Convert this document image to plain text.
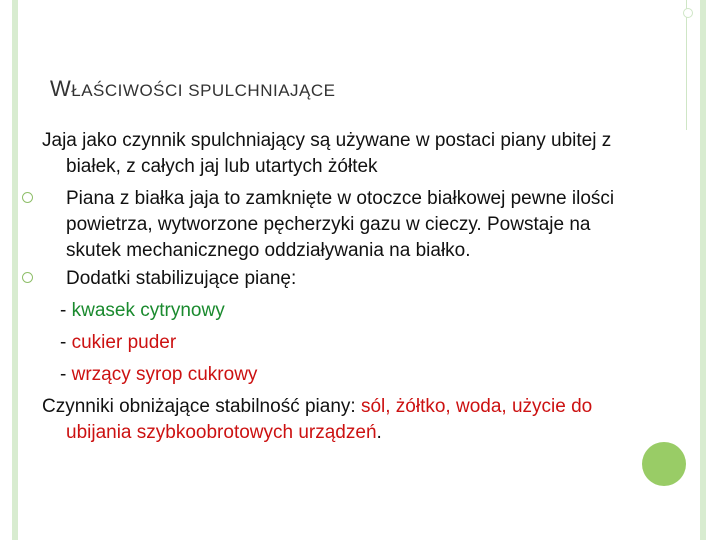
WŁAŚCIWOŚCI SPULCHNIAJĄCE

Jaja jako czynnik spulchniający są używane w postaci piany ubitej z białek, z całych jaj lub utartych żółtek

Piana z białka jaja to zamknięte w otoczce białkowej pewne ilości powietrza, wytworzone pęcherzyki gazu w cieczy. Powstaje na skutek mechanicznego oddziaływania na białko.

Dodatki stabilizujące pianę:

- kwasek cytrynowy

- cukier puder

- wrzący syrop cukrowy

Czynniki obniżające stabilność piany: sól, żółtko, woda, użycie do ubijania szybkoobrotowych urządzeń.
